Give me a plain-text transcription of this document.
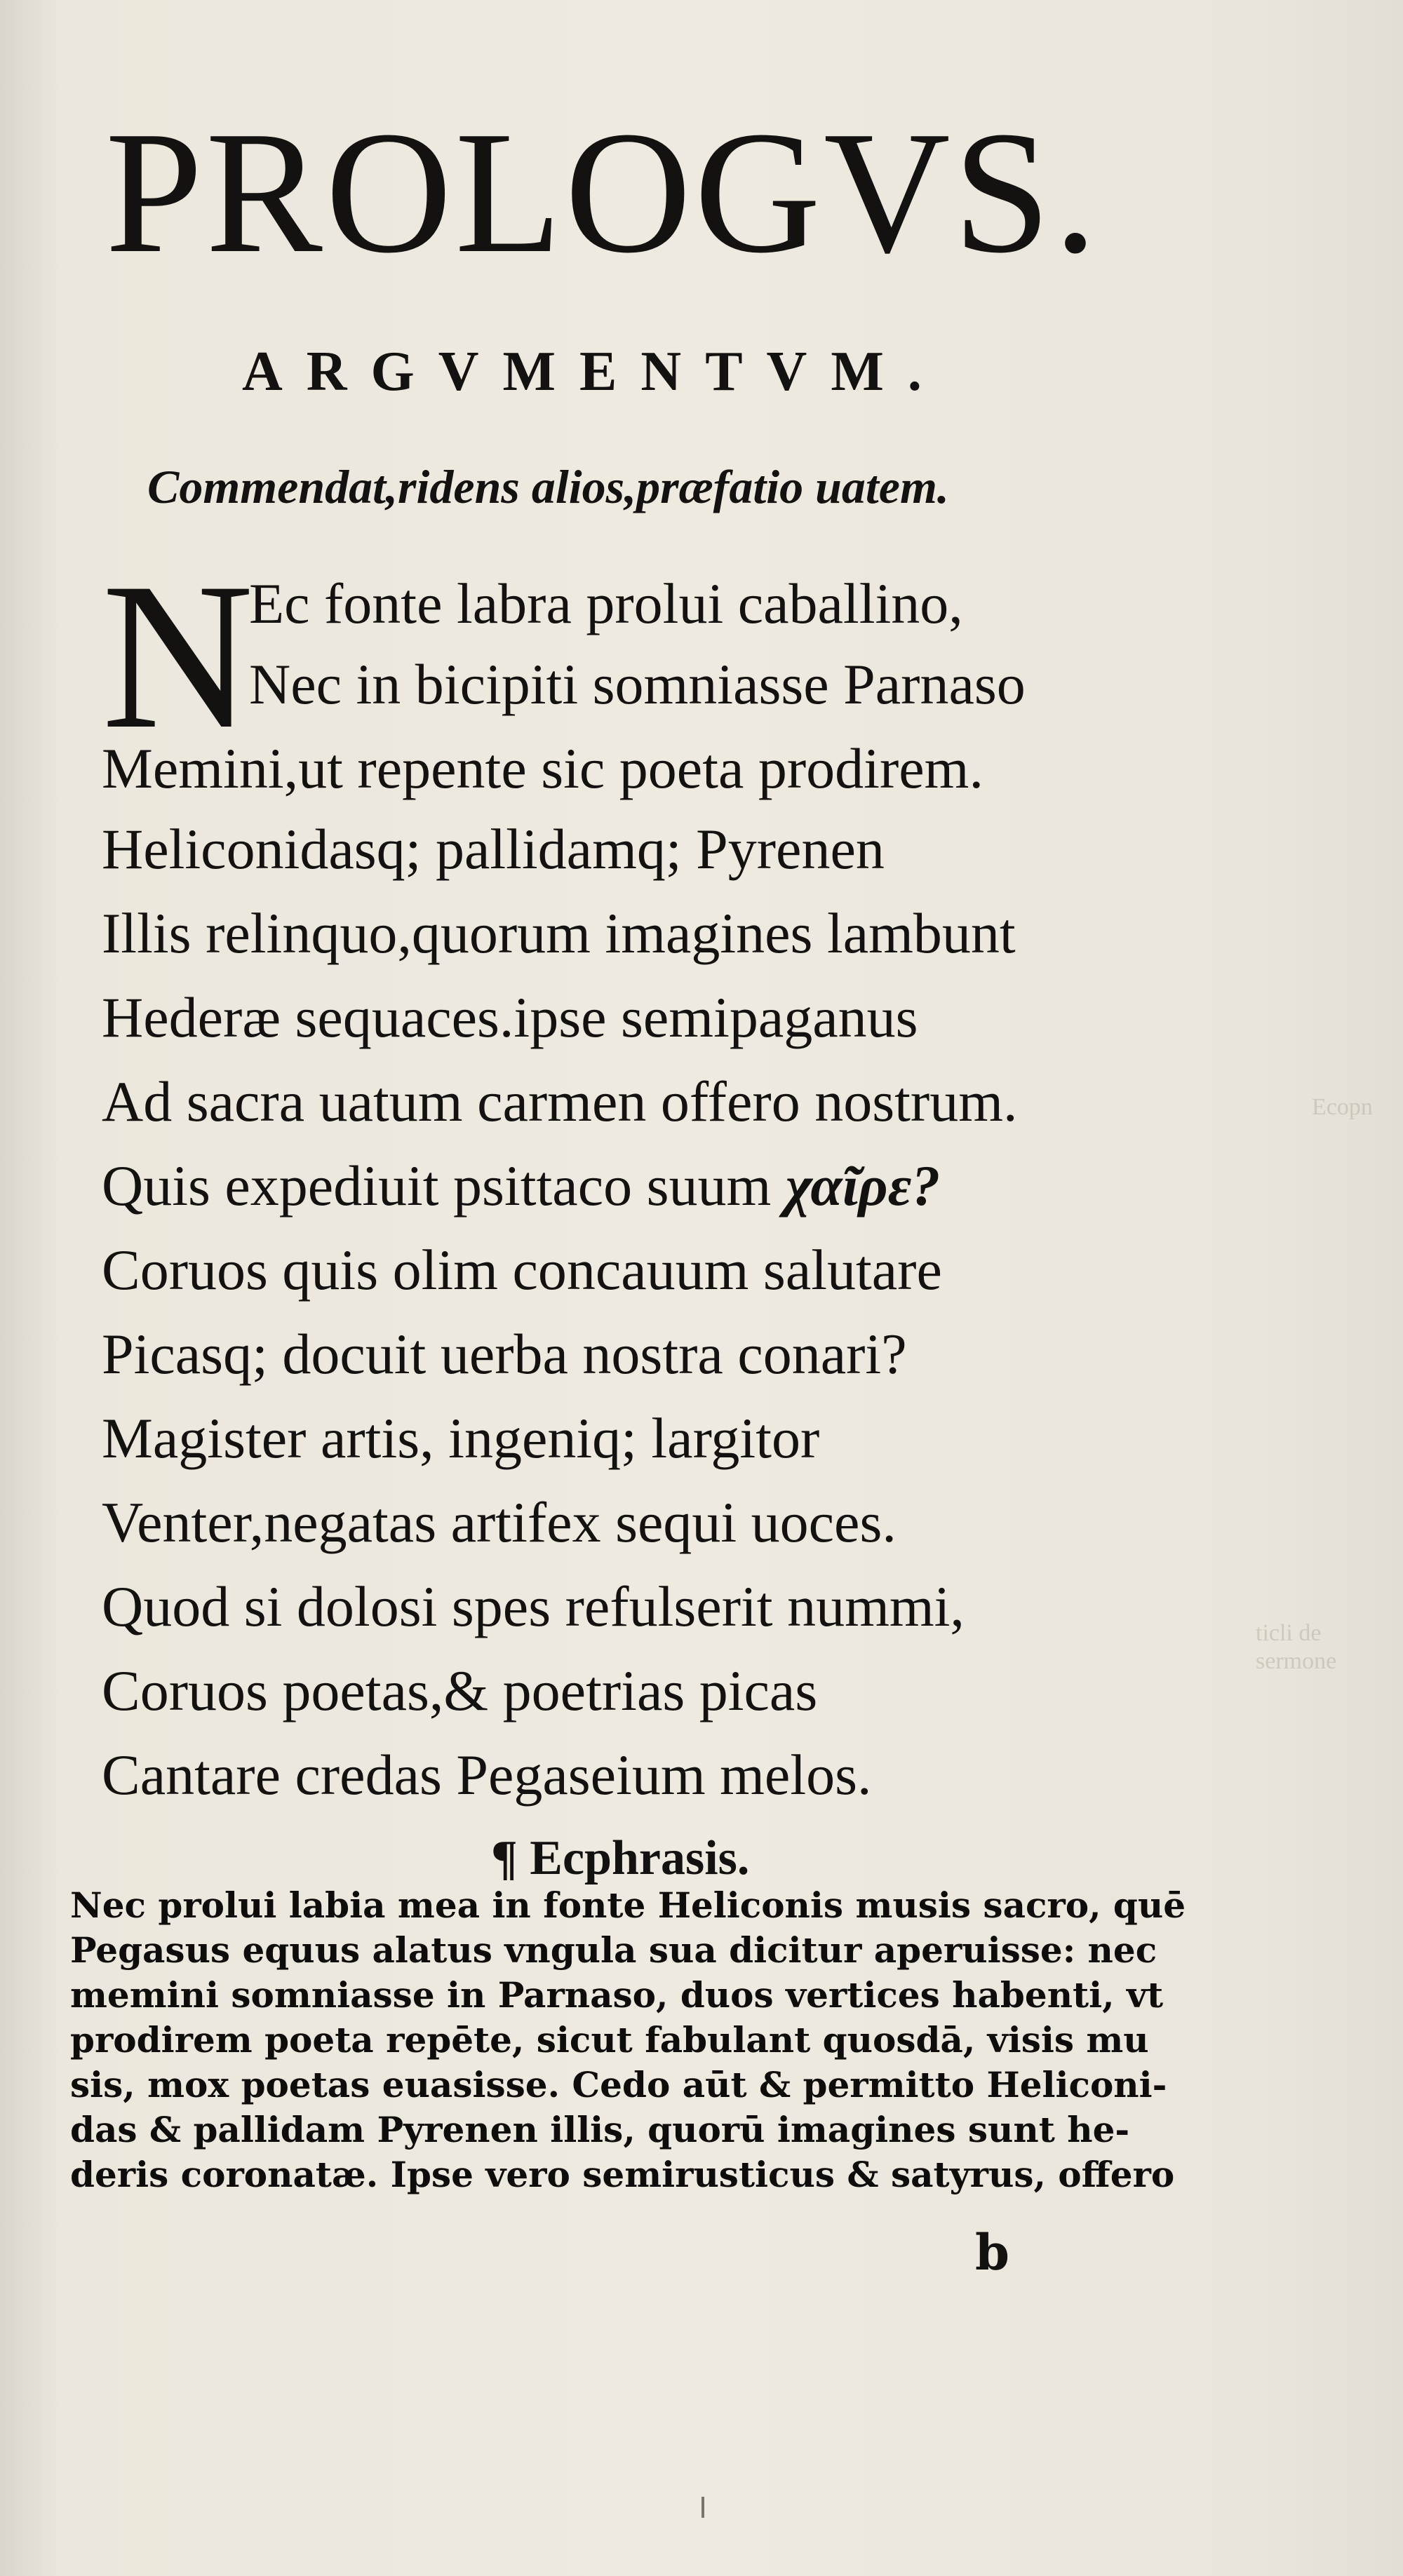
Ecopn
ticli de
sermone
PROLOGVS.
ARGVMENTVM.
Commendat,ridens alios,præfatio uatem.
N
Ec fonte labra prolui caballino,
Nec in bicipiti somniasse Parnaso
Memini,ut repente sic poeta prodirem.
Heliconidasq; pallidamq; Pyrenen
Illis relinquo,quorum imagines lambunt
Hederæ sequaces.ipse semipaganus
Ad sacra uatum carmen offero nostrum.
Quis expediuit psittaco suum χαῖρε?
Coruos quis olim concauum salutare
Picasq; docuit uerba nostra conari?
Magister artis, ingeniq; largitor
Venter,negatas artifex sequi uoces.
Quod si dolosi spes refulserit nummi,
Coruos poetas,& poetrias picas
Cantare credas Pegaseium melos.
¶ Ecphrasis.
Nec prolui labia mea in fonte Heliconis musis sacro, quē
Pegasus equus alatus vngula sua dicitur aperuisse: nec
memini somniasse in Parnaso, duos vertices habenti, vt
prodirem poeta repēte, sicut fabulant quosdā, visis mu
sis, mox poetas euasisse. Cedo aūt & permitto Heliconi-
das & pallidam Pyrenen illis, quorū imagines sunt he-
deris coronatæ. Ipse vero semirusticus & satyrus, offero
b
